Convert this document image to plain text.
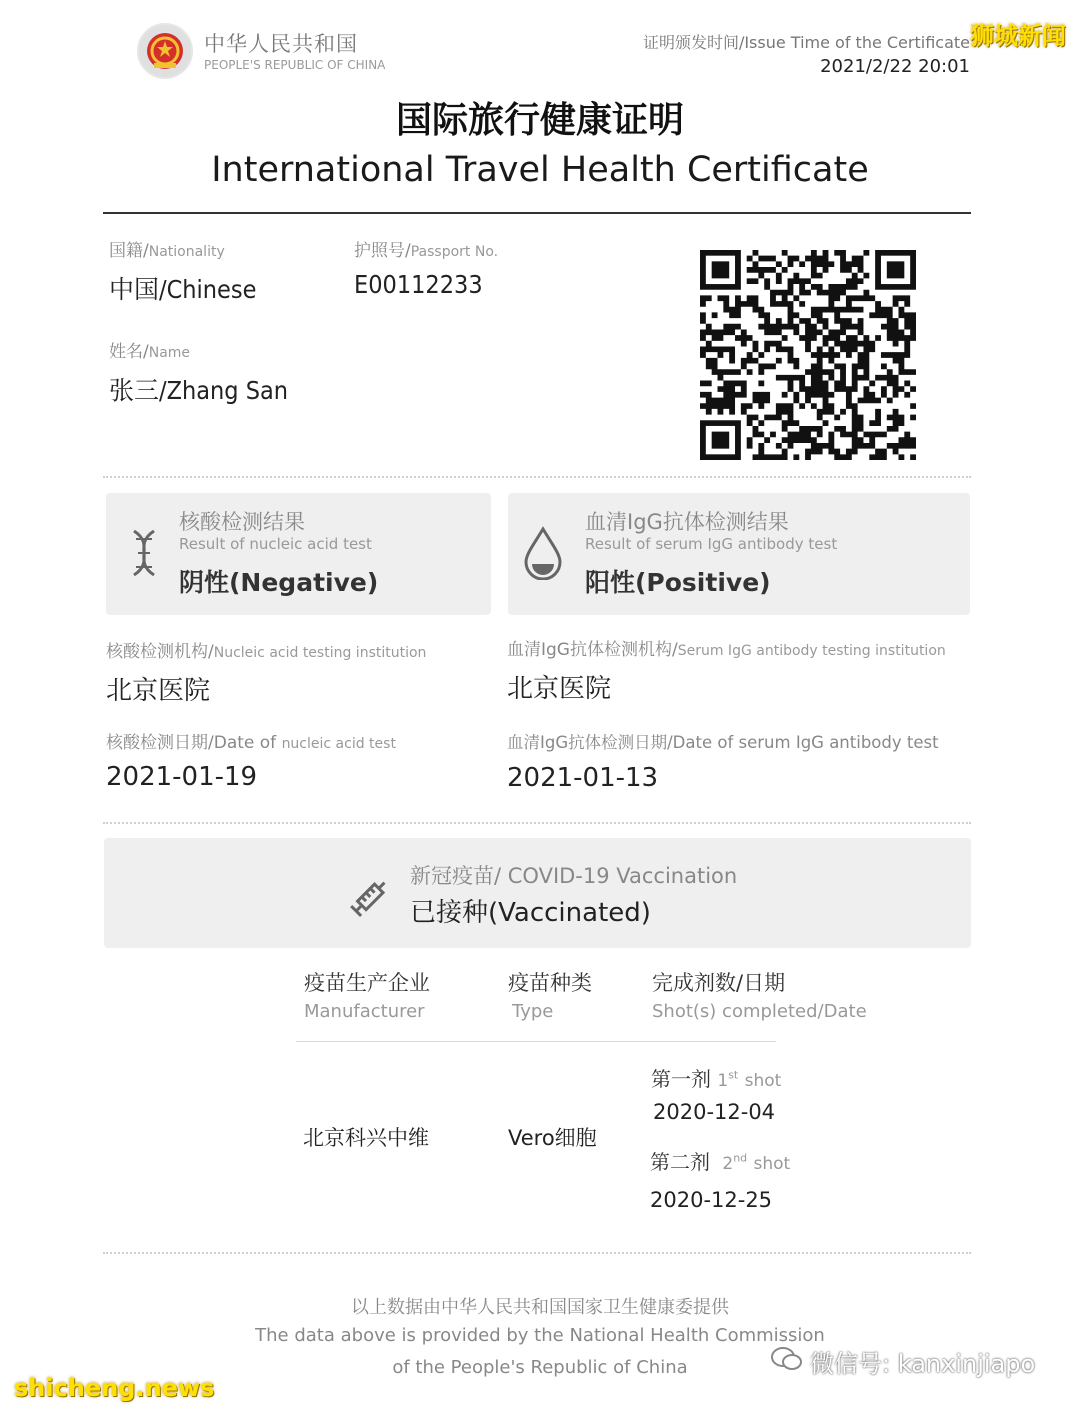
中华人民共和国
PEOPLE'S REPUBLIC OF CHINA
证明颁发时间/Issue Time of the Certificate
2021/2/22 20:01
狮城新闻
国际旅行健康证明
International Travel Health Certificate
国籍/Nationality
中国/Chinese
护照号/Passport No.
E00112233
姓名/Name
张三/Zhang San
核酸检测结果
Result of nucleic acid test
阴性(Negative)
血清IgG抗体检测结果
Result of serum IgG antibody test
阳性(Positive)
核酸检测机构/Nucleic acid testing institution
北京医院
血清IgG抗体检测机构/Serum IgG antibody testing institution
北京医院
核酸检测日期/Date of nucleic acid test
2021-01-19
血清IgG抗体检测日期/Date of serum IgG antibody test
2021-01-13
新冠疫苗/ COVID-19 Vaccination
已接种(Vaccinated)
疫苗生产企业
Manufacturer
疫苗种类
Type
完成剂数/日期
Shot(s) completed/Date
北京科兴中维	Vero细胞
第一剂 1st shot
2020-12-04
第二剂 2nd shot
2020-12-25
以上数据由中华人民共和国国家卫生健康委提供
The data above is provided by the National Health Commission
of the People's Republic of China
shicheng.news
微信号: kanxinjiapo
